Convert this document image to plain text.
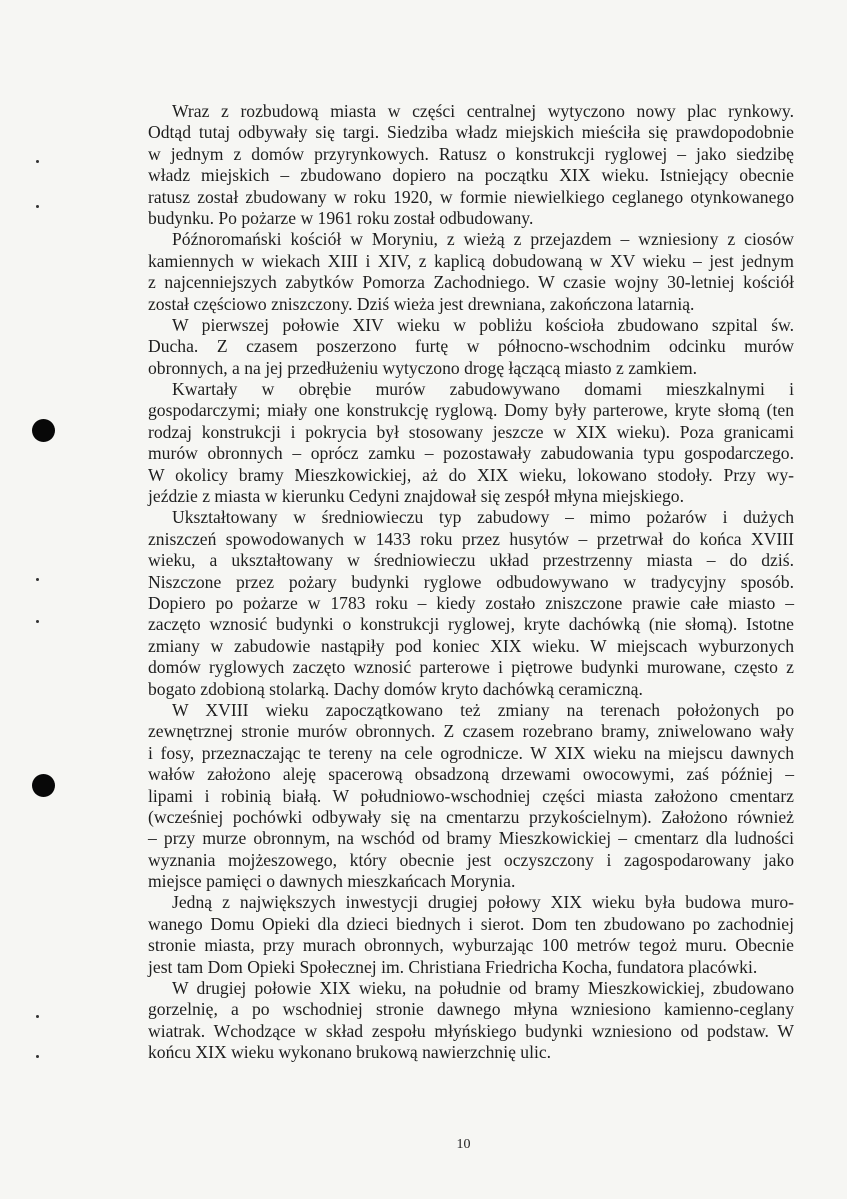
Wraz z rozbudową miasta w części centralnej wytyczono nowy plac rynkowy.
Odtąd tutaj odbywały się targi. Siedziba władz miejskich mieściła się prawdopodobnie
w jednym z domów przyrynkowych. Ratusz o konstrukcji ryglowej – jako siedzibę
władz miejskich – zbudowano dopiero na początku XIX wieku. Istniejący obecnie
ratusz został zbudowany w roku 1920, w formie niewielkiego ceglanego otynkowanego
budynku. Po pożarze w 1961 roku został odbudowany.
Późnoromański kościół w Moryniu, z wieżą z przejazdem – wzniesiony z ciosów
kamiennych w wiekach XIII i XIV, z kaplicą dobudowaną w XV wieku – jest jednym
z najcenniejszych zabytków Pomorza Zachodniego. W czasie wojny 30-letniej kościół
został częściowo zniszczony. Dziś wieża jest drewniana, zakończona latarnią.
W pierwszej połowie XIV wieku w pobliżu kościoła zbudowano szpital św.
Ducha. Z czasem poszerzono furtę w północno-wschodnim odcinku murów
obronnych, a na jej przedłużeniu wytyczono drogę łączącą miasto z zamkiem.
Kwartały w obrębie murów zabudowywano domami mieszkalnymi i
gospodarczymi; miały one konstrukcję ryglową. Domy były parterowe, kryte słomą (ten
rodzaj konstrukcji i pokrycia był stosowany jeszcze w XIX wieku). Poza granicami
murów obronnych – oprócz zamku – pozostawały zabudowania typu gospodarczego.
W okolicy bramy Mieszkowickiej, aż do XIX wieku, lokowano stodoły. Przy wy-
jeździe z miasta w kierunku Cedyni znajdował się zespół młyna miejskiego.
Ukształtowany w średniowieczu typ zabudowy – mimo pożarów i dużych
zniszczeń spowodowanych w 1433 roku przez husytów – przetrwał do końca XVIII
wieku, a ukształtowany w średniowieczu układ przestrzenny miasta – do dziś.
Niszczone przez pożary budynki ryglowe odbudowywano w tradycyjny sposób.
Dopiero po pożarze w 1783 roku – kiedy zostało zniszczone prawie całe miasto –
zaczęto wznosić budynki o konstrukcji ryglowej, kryte dachówką (nie słomą). Istotne
zmiany w zabudowie nastąpiły pod koniec XIX wieku. W miejscach wyburzonych
domów ryglowych zaczęto wznosić parterowe i piętrowe budynki murowane, często z
bogato zdobioną stolarką. Dachy domów kryto dachówką ceramiczną.
W XVIII wieku zapoczątkowano też zmiany na terenach położonych po
zewnętrznej stronie murów obronnych. Z czasem rozebrano bramy, zniwelowano wały
i fosy, przeznaczając te tereny na cele ogrodnicze. W XIX wieku na miejscu dawnych
wałów założono aleję spacerową obsadzoną drzewami owocowymi, zaś później –
lipami i robinią białą. W południowo-wschodniej części miasta założono cmentarz
(wcześniej pochówki odbywały się na cmentarzu przykościelnym). Założono również
– przy murze obronnym, na wschód od bramy Mieszkowickiej – cmentarz dla ludności
wyznania mojżeszowego, który obecnie jest oczyszczony i zagospodarowany jako
miejsce pamięci o dawnych mieszkańcach Morynia.
Jedną z największych inwestycji drugiej połowy XIX wieku była budowa muro-
wanego Domu Opieki dla dzieci biednych i sierot. Dom ten zbudowano po zachodniej
stronie miasta, przy murach obronnych, wyburzając 100 metrów tegoż muru. Obecnie
jest tam Dom Opieki Społecznej im. Christiana Friedricha Kocha, fundatora placówki.
W drugiej połowie XIX wieku, na południe od bramy Mieszkowickiej, zbudowano
gorzelnię, a po wschodniej stronie dawnego młyna wzniesiono kamienno-ceglany
wiatrak. Wchodzące w skład zespołu młyńskiego budynki wzniesiono od podstaw. W
końcu XIX wieku wykonano brukową nawierzchnię ulic.
10
